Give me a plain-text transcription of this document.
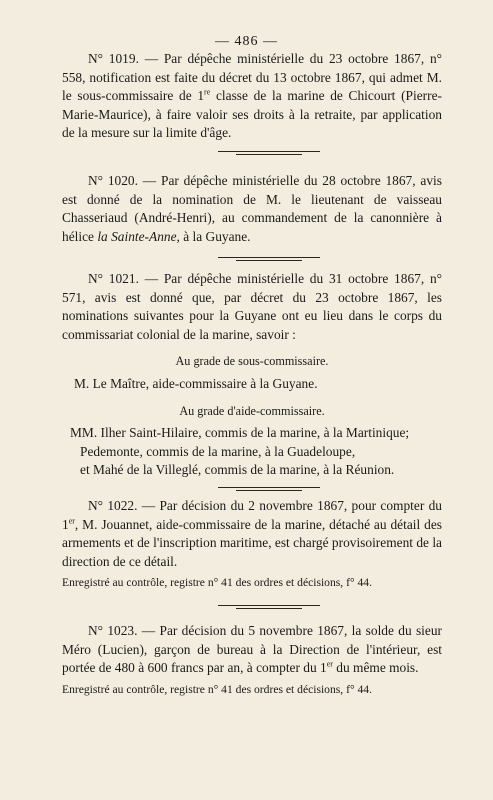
— 486 —

N° 1019. — Par dépêche ministérielle du 23 octobre 1867, n° 558, notification est faite du décret du 13 octobre 1867, qui admet M. le sous-commissaire de 1re classe de la marine de Chicourt (Pierre-Marie-Maurice), à faire valoir ses droits à la retraite, par application de la mesure sur la limite d'âge.

N° 1020. — Par dépêche ministérielle du 28 octobre 1867, avis est donné de la nomination de M. le lieutenant de vaisseau Chasseriaud (André-Henri), au commandement de la canonnière à hélice la Sainte-Anne, à la Guyane.

N° 1021. — Par dépêche ministérielle du 31 octobre 1867, n° 571, avis est donné que, par décret du 23 octobre 1867, les nominations suivantes pour la Guyane ont eu lieu dans le corps du commissariat colonial de la marine, savoir :

Au grade de sous-commissaire.
M. Le Maître, aide-commissaire à la Guyane.
Au grade d'aide-commissaire.
MM. Ilher Saint-Hilaire, commis de la marine, à la Martinique;
Pedemonte, commis de la marine, à la Guadeloupe,
et Mahé de la Villeglé, commis de la marine, à la Réunion.

N° 1022. — Par décision du 2 novembre 1867, pour compter du 1er, M. Jouannet, aide-commissaire de la marine, détaché au détail des armements et de l'inscription maritime, est chargé provisoirement de la direction de ce détail.

Enregistré au contrôle, registre n° 41 des ordres et décisions, f° 44.

N° 1023. — Par décision du 5 novembre 1867, la solde du sieur Méro (Lucien), garçon de bureau à la Direction de l'intérieur, est portée de 480 à 600 francs par an, à compter du 1er du même mois.

Enregistré au contrôle, registre n° 41 des ordres et décisions, f° 44.
